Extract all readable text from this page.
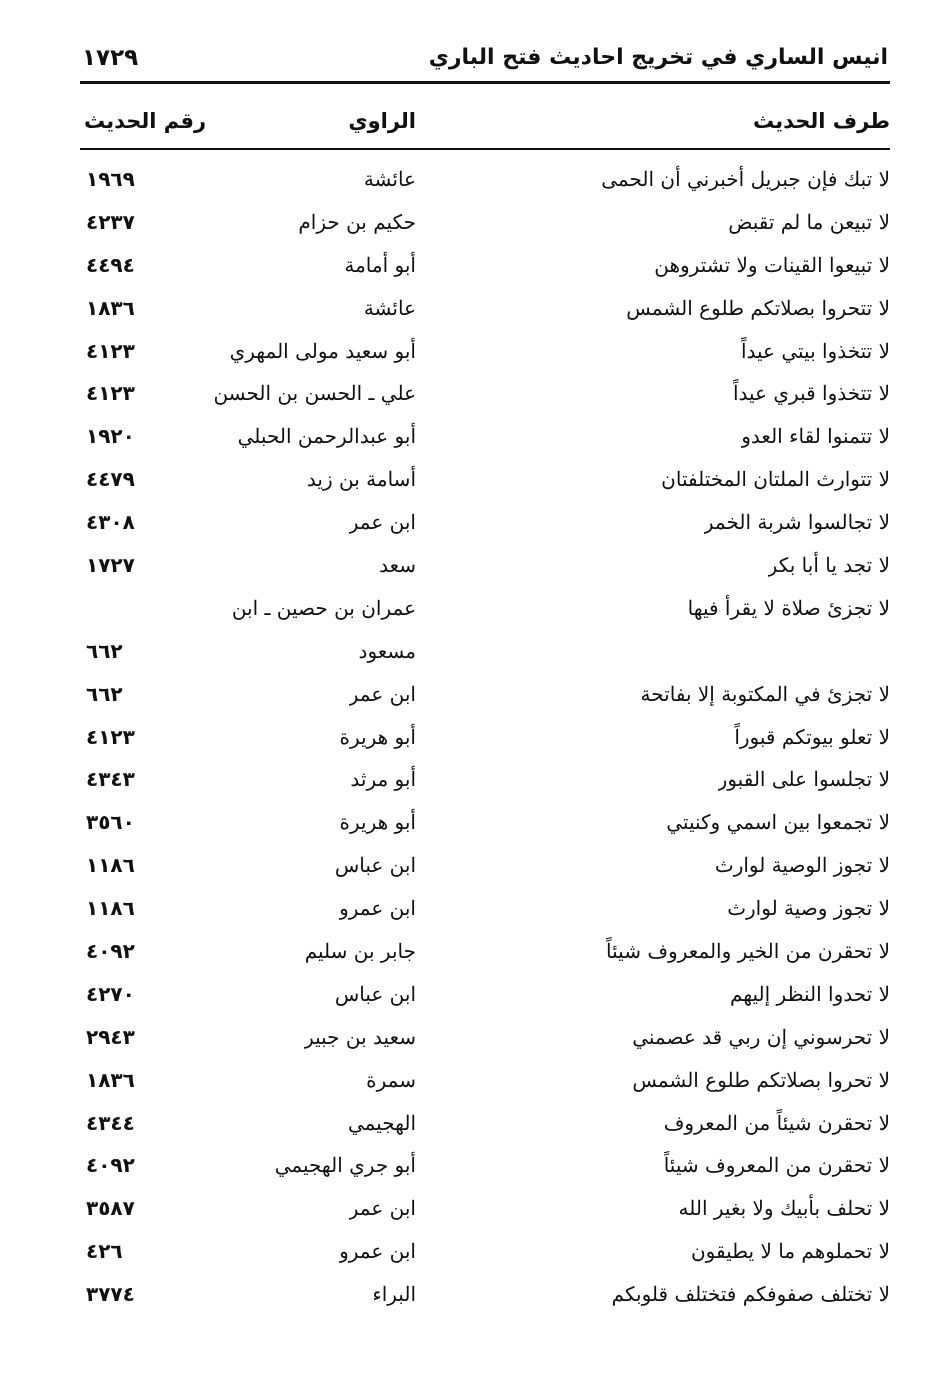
انيس الساري في تخريج احاديث فتح الباري
١٧٢٩
طرف الحديث
الراوي
رقم الحديث
لا تبك فإن جبريل أخبرني أن الحمى
عائشة
١٩٦٩
لا تبيعن ما لم تقبض
حكيم بن حزام
٤٢٣٧
لا تبيعوا القينات ولا تشتروهن
أبو أمامة
٤٤٩٤
لا تتحروا بصلاتكم طلوع الشمس
عائشة
١٨٣٦
لا تتخذوا بيتي عيداً
أبو سعيد مولى المهري
٤١٢٣
لا تتخذوا قبري عيداً
علي ـ الحسن بن الحسن
٤١٢٣
لا تتمنوا لقاء العدو
أبو عبدالرحمن الحبلي
١٩٢٠
لا تتوارث الملتان المختلفتان
أسامة بن زيد
٤٤٧٩
لا تجالسوا شربة الخمر
ابن عمر
٤٣٠٨
لا تجد يا أبا بكر
سعد
١٧٢٧
لا تجزئ صلاة لا يقرأ فيها
عمران بن حصين ـ ابن
مسعود
٦٦٢
لا تجزئ في المكتوبة إلا بفاتحة
ابن عمر
٦٦٢
لا تعلو بيوتكم قبوراً
أبو هريرة
٤١٢٣
لا تجلسوا على القبور
أبو مرثد
٤٣٤٣
لا تجمعوا بين اسمي وكنيتي
أبو هريرة
٣٥٦٠
لا تجوز الوصية لوارث
ابن عباس
١١٨٦
لا تجوز وصية لوارث
ابن عمرو
١١٨٦
لا تحقرن من الخير والمعروف شيئاً
جابر بن سليم
٤٠٩٢
لا تحدوا النظر إليهم
ابن عباس
٤٢٧٠
لا تحرسوني إن ربي قد عصمني
سعيد بن جبير
٢٩٤٣
لا تحروا بصلاتكم طلوع الشمس
سمرة
١٨٣٦
لا تحقرن شيئاً من المعروف
الهجيمي
٤٣٤٤
لا تحقرن من المعروف شيئاً
أبو جري الهجيمي
٤٠٩٢
لا تحلف بأبيك ولا بغير الله
ابن عمر
٣٥٨٧
لا تحملوهم ما لا يطيقون
ابن عمرو
٤٢٦
لا تختلف صفوفكم فتختلف قلوبكم
البراء
٣٧٧٤
